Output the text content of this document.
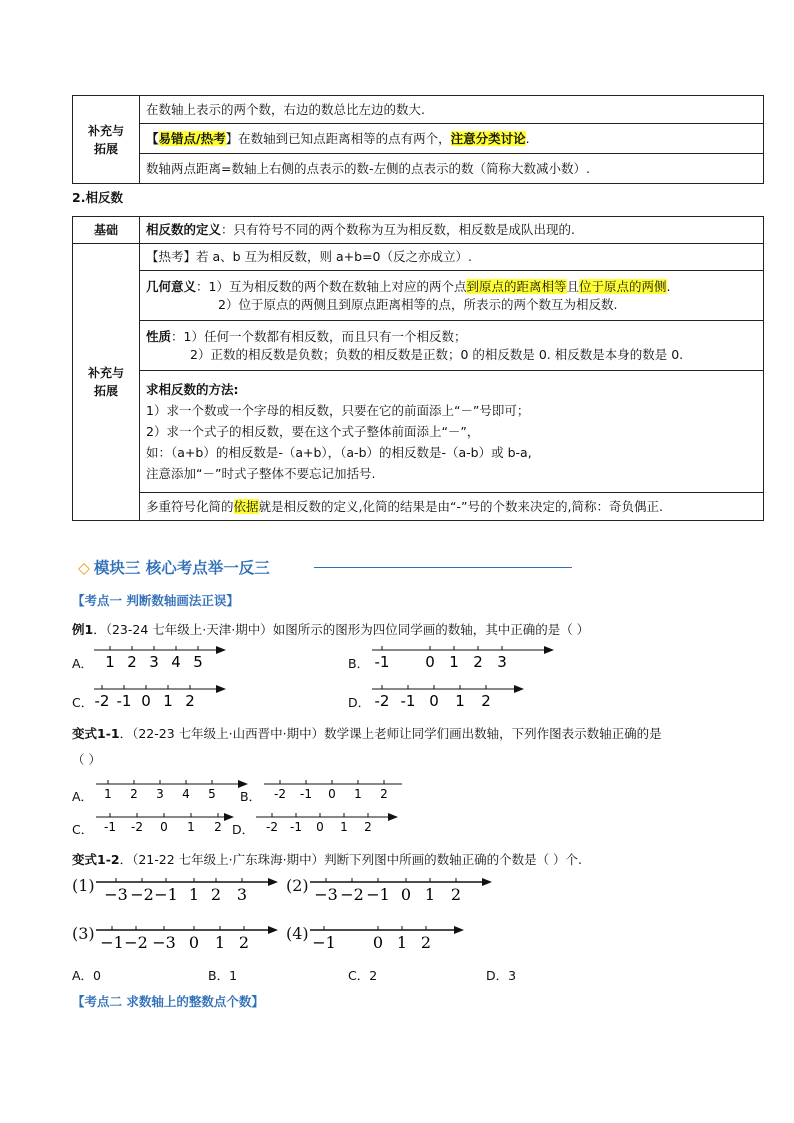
补充与
拓展	在数轴上表示的两个数，右边的数总比左边的数大.
【易错点/热考】在数轴到已知点距离相等的点有两个，注意分类讨论.
数轴两点距离=数轴上右侧的点表示的数-左侧的点表示的数（简称大数减小数）.
2.相反数
基础	相反数的定义：只有符号不同的两个数称为互为相反数，相反数是成队出现的.
补充与
拓展	【热考】若 a、b 互为相反数，则 a+b=0（反之亦成立）.

	几何意义：1）互为相反数的两个数在数轴上对应的两个点到原点的距离相等且位于原点的两侧.
2）位于原点的两侧且到原点距离相等的点，所表示的两个数互为相反数.

	性质：1）任何一个数都有相反数，而且只有一个相反数；
2）正数的相反数是负数；负数的相反数是正数；0 的相反数是 0. 相反数是本身的数是 0.

	求相反数的方法:
1）求一个数或一个字母的相反数，只要在它的前面添上“－”号即可；
2）求一个式子的相反数，要在这个式子整体前面添上“－”，
如：（a+b）的相反数是-（a+b），（a-b）的相反数是-（a-b）或 b-a,
注意添加“－”时式子整体不要忘记加括号.

	多重符号化简的依据就是相反数的定义,化简的结果是由“-”号的个数来决定的,简称：奇负偶正.
◇ 模块三 核心考点举一反三
【考点一 判断数轴画法正误】
例1．（23-24 七年级上·天津·期中）如图所示的图形为四位同学画的数轴，其中正确的是（ ）
A． 1 2 3 4 5	B． -1 0 1 2 3
C． -2 -1 0 1 2	D． -2 -1 0 1 2
变式1-1．（22-23 七年级上·山西晋中·期中）数学课上老师让同学们画出数轴，下列作图表示数轴正确的是
（ ）
A． 1 2 3 4 5 B． -2 -1 0 1 2
C． -1 -2 0 1 2 D． -2 -1 0 1 2
变式1-2．（21-22 七年级上·广东珠海·期中）判断下列图中所画的数轴正确的个数是（ ）个.
(1) −3 −2 −1 1 2 3 (2) −3 −2 −1 0 1 2
(3) −1 −2 −3 0 1 2 (4) −1 0 1 2
A．0	B．1	C．2	D．3
【考点二 求数轴上的整数点个数】
